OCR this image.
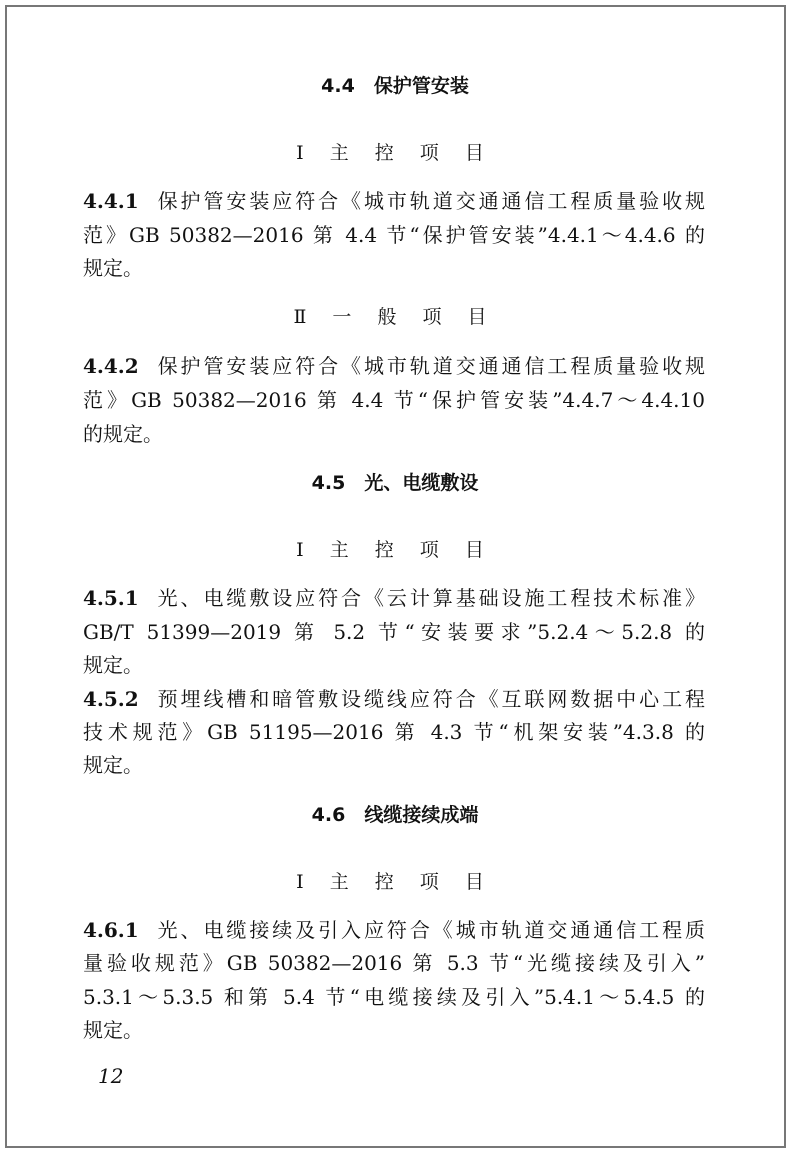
4.4　保护管安装
Ⅰ 主 控 项 目
4.4.1 保护管安装应符合《城市轨道交通通信工程质量验收规
范》GB 50382—2016 第 4.4 节“保护管安装”4.4.1～4.4.6 的
规定。
Ⅱ 一 般 项 目
4.4.2 保护管安装应符合《城市轨道交通通信工程质量验收规
范》GB 50382—2016 第 4.4 节“保护管安装”4.4.7～4.4.10
的规定。
4.5　光、电缆敷设
Ⅰ 主 控 项 目
4.5.1 光、电缆敷设应符合《云计算基础设施工程技术标准》
GB/T 51399—2019 第 5.2 节“安装要求”5.2.4～5.2.8 的
规定。
4.5.2 预埋线槽和暗管敷设缆线应符合《互联网数据中心工程
技术规范》GB 51195—2016 第 4.3 节“机架安装”4.3.8 的
规定。
4.6　线缆接续成端
Ⅰ 主 控 项 目
4.6.1 光、电缆接续及引入应符合《城市轨道交通通信工程质
量验收规范》GB 50382—2016 第 5.3 节“光缆接续及引入”
5.3.1～5.3.5 和第 5.4 节“电缆接续及引入”5.4.1～5.4.5 的
规定。
12
